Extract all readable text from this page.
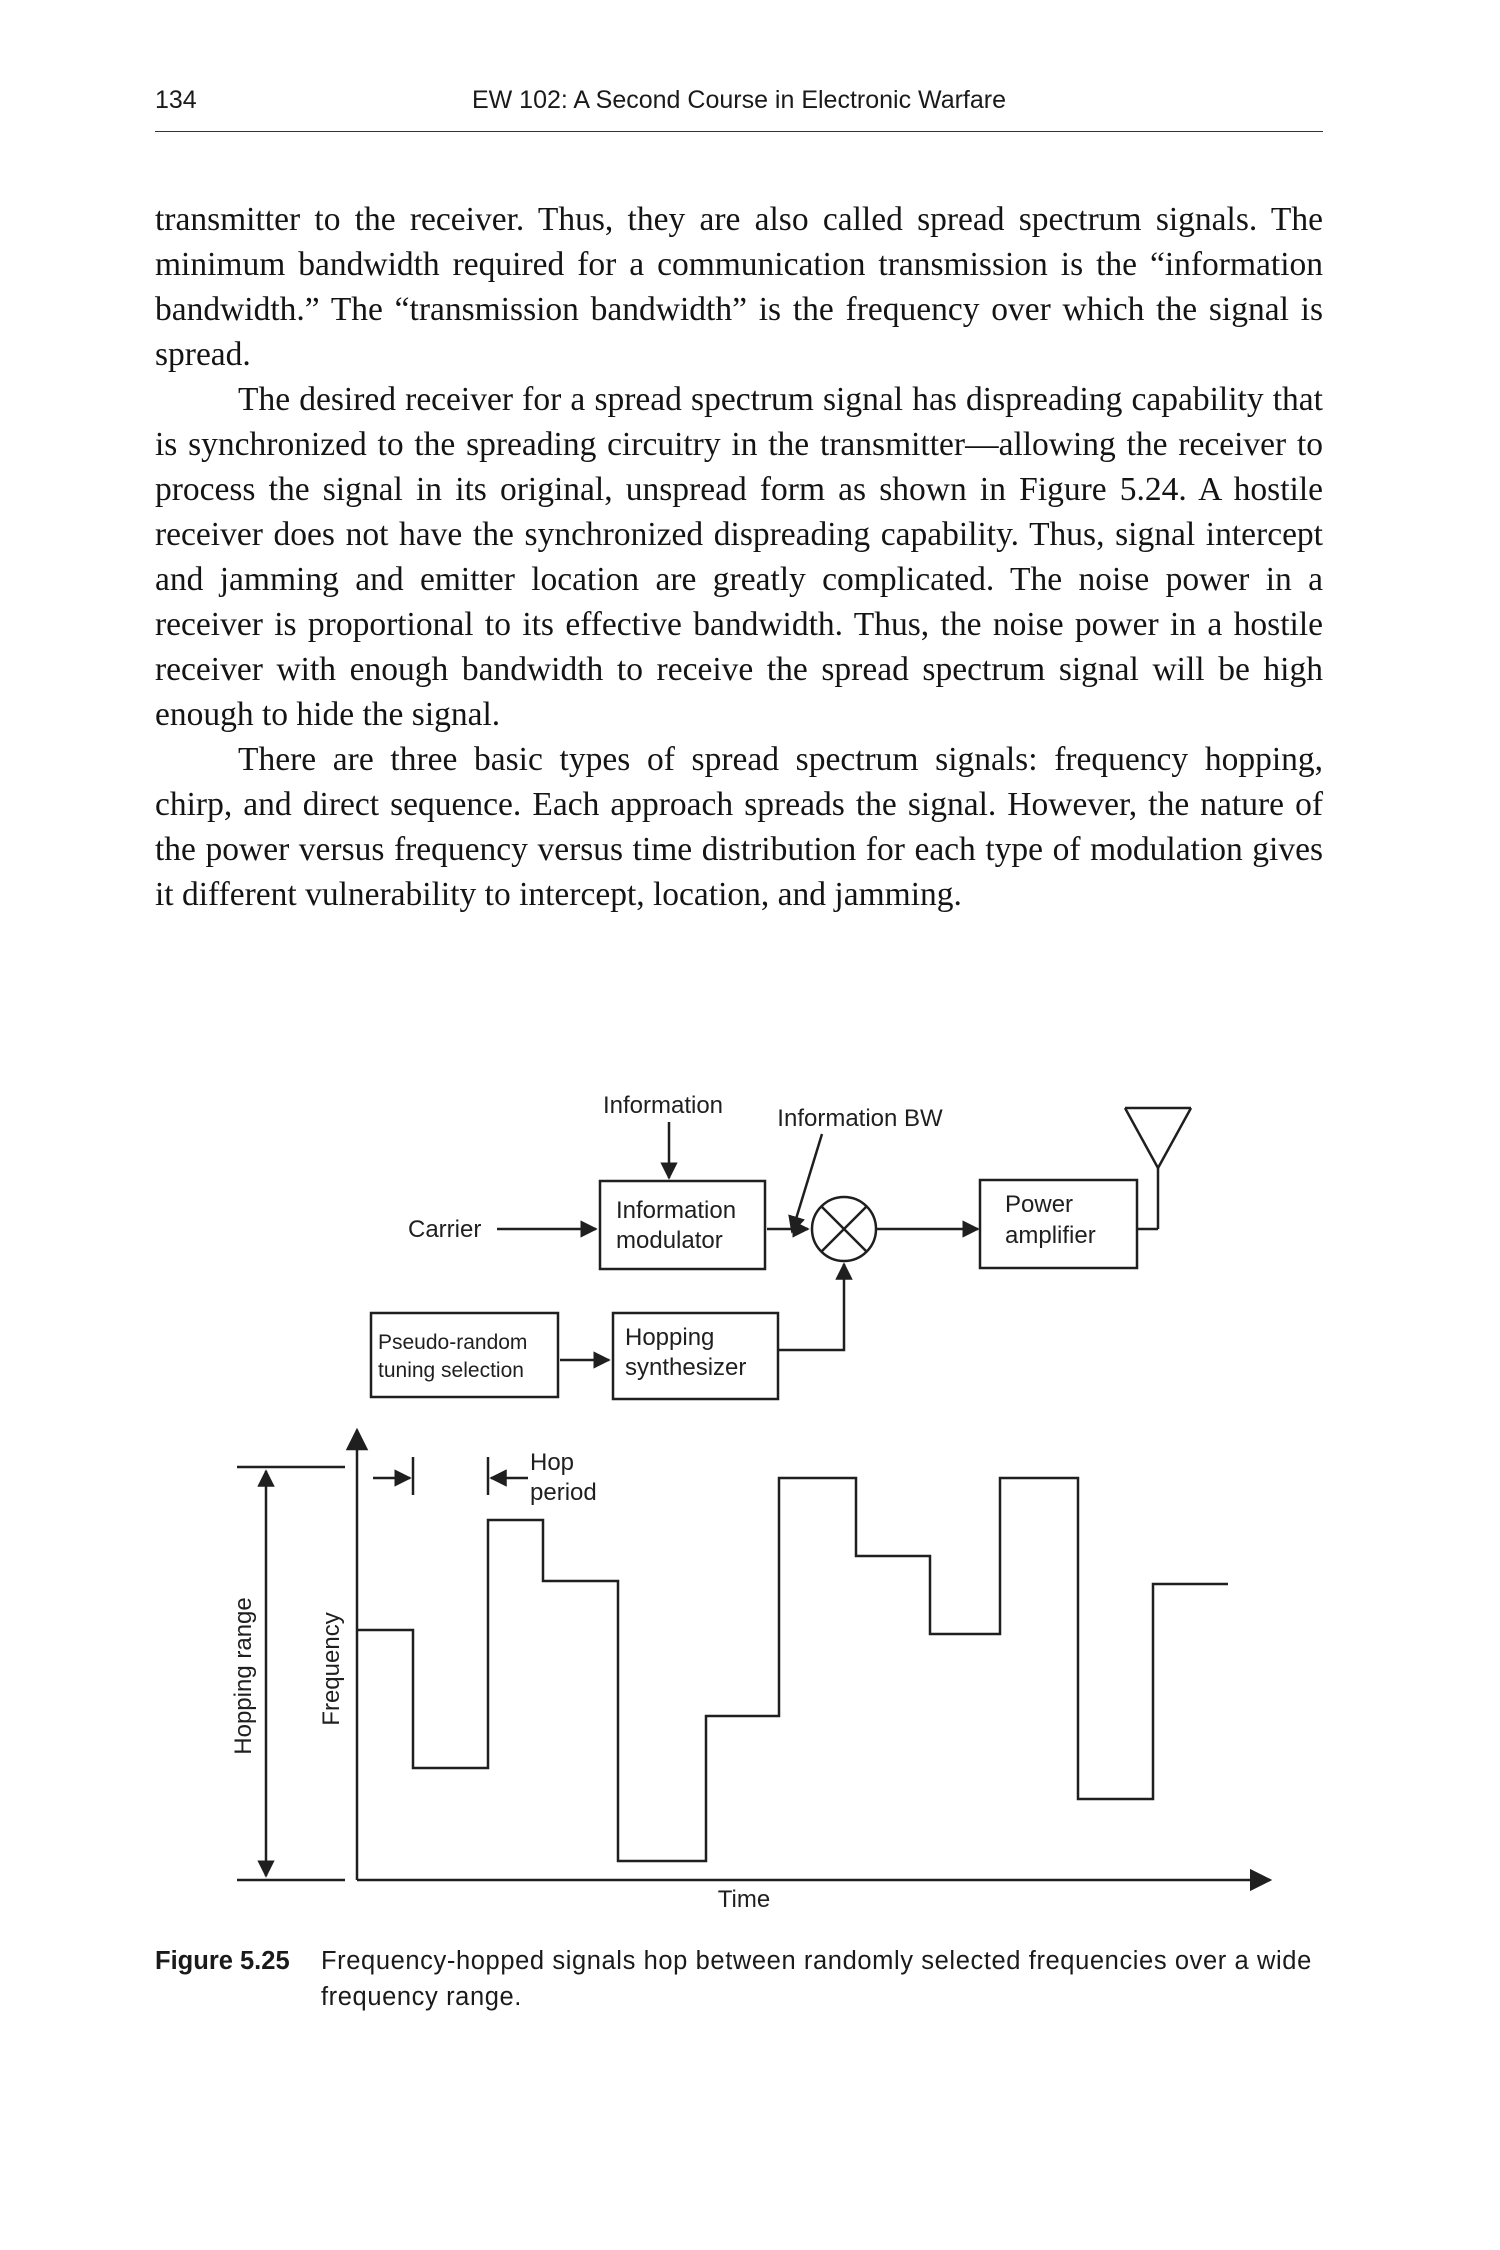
134	EW 102: A Second Course in Electronic Warfare

transmitter to the receiver. Thus, they are also called spread spectrum signals. The minimum bandwidth required for a communication transmission is the “information bandwidth.” The “transmission bandwidth” is the frequency over which the signal is spread.

The desired receiver for a spread spectrum signal has dispreading capability that is synchronized to the spreading circuitry in the transmitter—allowing the receiver to process the signal in its original, unspread form as shown in Figure 5.24. A hostile receiver does not have the synchronized dispreading capability. Thus, signal intercept and jamming and emitter location are greatly complicated. The noise power in a receiver is proportional to its effective bandwidth. Thus, the noise power in a hostile receiver with enough bandwidth to receive the spread spectrum signal will be high enough to hide the signal.

There are three basic types of spread spectrum signals: frequency hopping, chirp, and direct sequence. Each approach spreads the signal. However, the nature of the power versus frequency versus time distribution for each type of modulation gives it different vulnerability to intercept, location, and jamming.

Information Information BW
Carrier
Information modulator
Power amplifier
Pseudo-random tuning selection
Hopping synthesizer
Hop period
Hopping range	Frequency
Time
Figure 5.25 Frequency-hopped signals hop between randomly selected frequencies over a wide frequency range.
